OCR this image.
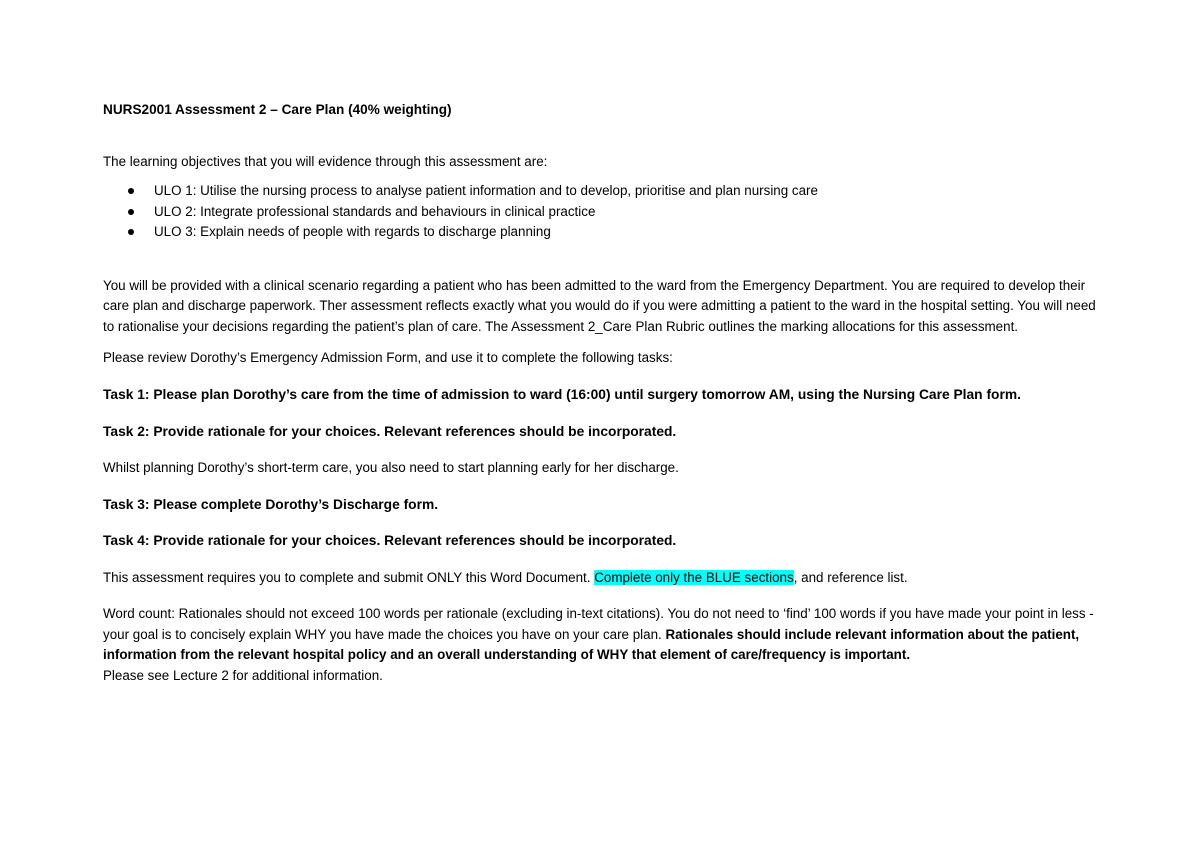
NURS2001 Assessment 2 – Care Plan (40% weighting)
The learning objectives that you will evidence through this assessment are:
ULO 1: Utilise the nursing process to analyse patient information and to develop, prioritise and plan nursing care
ULO 2: Integrate professional standards and behaviours in clinical practice
ULO 3: Explain needs of people with regards to discharge planning
You will be provided with a clinical scenario regarding a patient who has been admitted to the ward from the Emergency Department. You are required to develop their care plan and discharge paperwork. Ther assessment reflects exactly what you would do if you were admitting a patient to the ward in the hospital setting. You will need to rationalise your decisions regarding the patient’s plan of care. The Assessment 2_Care Plan Rubric outlines the marking allocations for this assessment.
Please review Dorothy’s Emergency Admission Form, and use it to complete the following tasks:
Task 1: Please plan Dorothy’s care from the time of admission to ward (16:00) until surgery tomorrow AM, using the Nursing Care Plan form.
Task 2: Provide rationale for your choices. Relevant references should be incorporated.
Whilst planning Dorothy’s short-term care, you also need to start planning early for her discharge.
Task 3: Please complete Dorothy’s Discharge form.
Task 4: Provide rationale for your choices. Relevant references should be incorporated.
This assessment requires you to complete and submit ONLY this Word Document. Complete only the BLUE sections, and reference list.
Word count: Rationales should not exceed 100 words per rationale (excluding in-text citations). You do not need to ‘find’ 100 words if you have made your point in less - your goal is to concisely explain WHY you have made the choices you have on your care plan. Rationales should include relevant information about the patient, information from the relevant hospital policy and an overall understanding of WHY that element of care/frequency is important.
Please see Lecture 2 for additional information.
